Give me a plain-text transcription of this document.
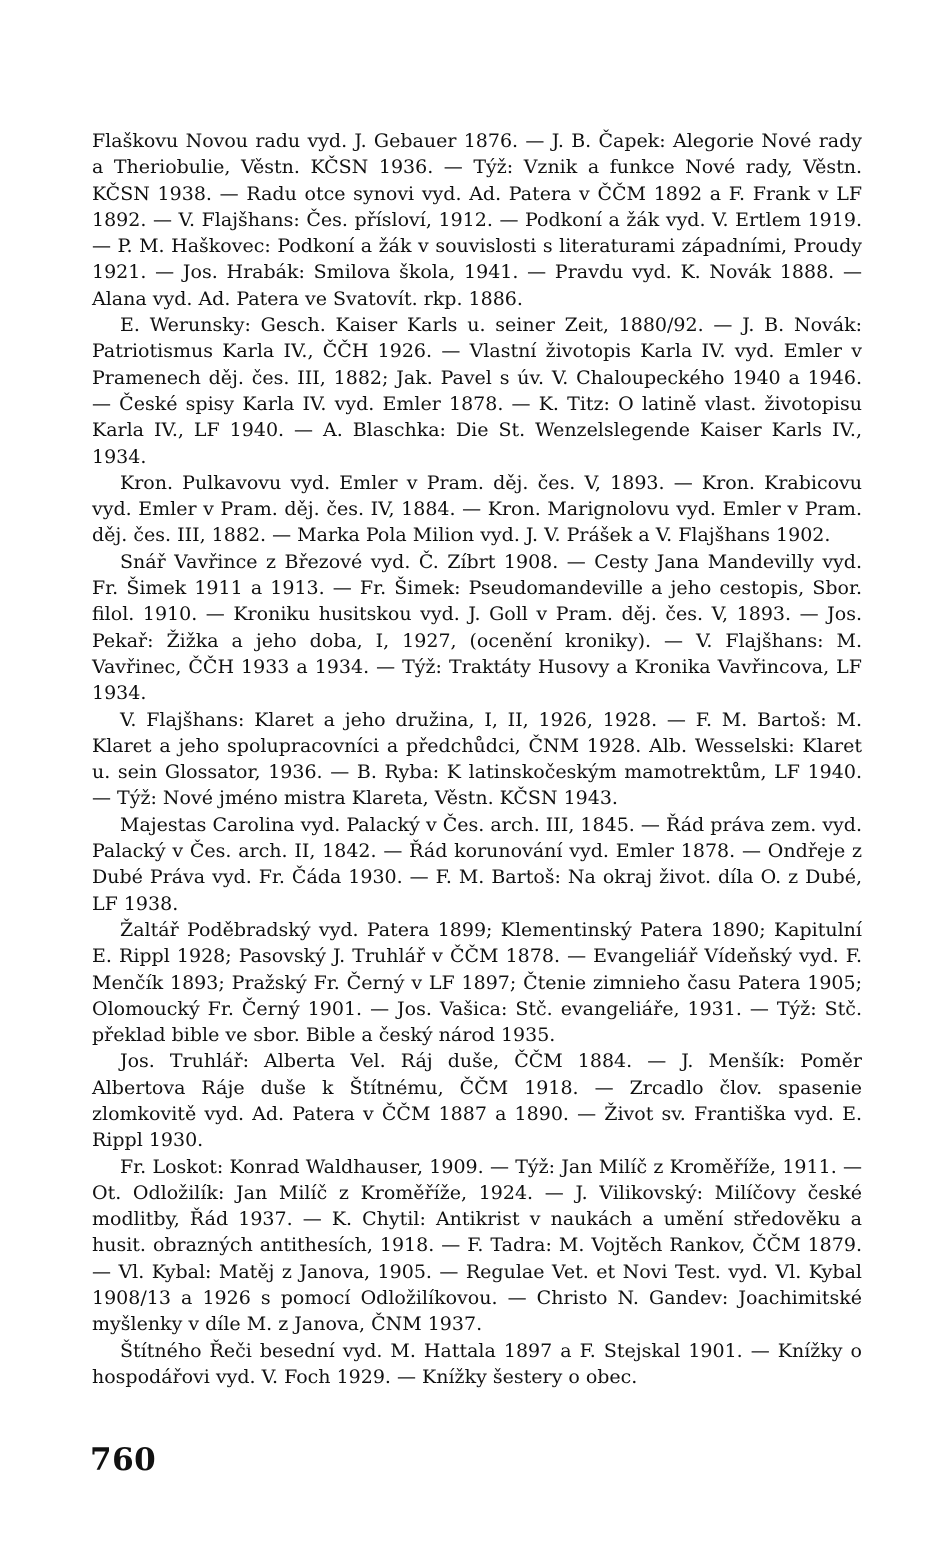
Flaškovu Novou radu vyd. J. Gebauer 1876. — J. B. Čapek: Alegorie Nové rady a Theriobulie, Věstn. KČSN 1936. — Týž: Vznik a funkce Nové rady, Věstn. KČSN 1938. — Radu otce synovi vyd. Ad. Patera v ČČM 1892 a F. Frank v LF 1892. — V. Flajšhans: Čes. přísloví, 1912. — Podkoní a žák vyd. V. Ertlem 1919. — P. M. Haškovec: Podkoní a žák v souvislosti s literaturami západními, Proudy 1921. — Jos. Hrabák: Smilova škola, 1941. — Pravdu vyd. K. Novák 1888. — Alana vyd. Ad. Patera ve Svatovít. rkp. 1886.

E. Werunsky: Gesch. Kaiser Karls u. seiner Zeit, 1880/92. — J. B. Novák: Patriotismus Karla IV., ČČH 1926. — Vlastní životopis Karla IV. vyd. Emler v Pramenech děj. čes. III, 1882; Jak. Pavel s úv. V. Chaloupeckého 1940 a 1946. — České spisy Karla IV. vyd. Emler 1878. — K. Titz: O latině vlast. životopisu Karla IV., LF 1940. — A. Blaschka: Die St. Wenzelslegende Kaiser Karls IV., 1934.

Kron. Pulkavovu vyd. Emler v Pram. děj. čes. V, 1893. — Kron. Krabicovu vyd. Emler v Pram. děj. čes. IV, 1884. — Kron. Marignolovu vyd. Emler v Pram. děj. čes. III, 1882. — Marka Pola Milion vyd. J. V. Prášek a V. Flajšhans 1902.

Snář Vavřince z Březové vyd. Č. Zíbrt 1908. — Cesty Jana Mandevilly vyd. Fr. Šimek 1911 a 1913. — Fr. Šimek: Pseudomandeville a jeho cestopis, Sbor. filol. 1910. — Kroniku husitskou vyd. J. Goll v Pram. děj. čes. V, 1893. — Jos. Pekař: Žižka a jeho doba, I, 1927, (ocenění kroniky). — V. Flajšhans: M. Vavřinec, ČČH 1933 a 1934. — Týž: Traktáty Husovy a Kronika Vavřincova, LF 1934.

V. Flajšhans: Klaret a jeho družina, I, II, 1926, 1928. — F. M. Bartoš: M. Klaret a jeho spolupracovníci a předchůdci, ČNM 1928. Alb. Wesselski: Klaret u. sein Glossator, 1936. — B. Ryba: K latinskočeským mamotrektům, LF 1940. — Týž: Nové jméno mistra Klareta, Věstn. KČSN 1943.

Majestas Carolina vyd. Palacký v Čes. arch. III, 1845. — Řád práva zem. vyd. Palacký v Čes. arch. II, 1842. — Řád korunování vyd. Emler 1878. — Ondřeje z Dubé Práva vyd. Fr. Čáda 1930. — F. M. Bartoš: Na okraj život. díla O. z Dubé, LF 1938.

Žaltář Poděbradský vyd. Patera 1899; Klementinský Patera 1890; Kapitulní E. Rippl 1928; Pasovský J. Truhlář v ČČM 1878. — Evangeliář Vídeňský vyd. F. Menčík 1893; Pražský Fr. Černý v LF 1897; Čtenie zimnieho času Patera 1905; Olomoucký Fr. Černý 1901. — Jos. Vašica: Stč. evangeliáře, 1931. — Týž: Stč. překlad bible ve sbor. Bible a český národ 1935.

Jos. Truhlář: Alberta Vel. Ráj duše, ČČM 1884. — J. Menšík: Poměr Albertova Ráje duše k Štítnému, ČČM 1918. — Zrcadlo člov. spasenie zlomkovitě vyd. Ad. Patera v ČČM 1887 a 1890. — Život sv. Františka vyd. E. Rippl 1930.

Fr. Loskot: Konrad Waldhauser, 1909. — Týž: Jan Milíč z Kroměříže, 1911. — Ot. Odložilík: Jan Milíč z Kroměříže, 1924. — J. Vilikovský: Milíčovy české modlitby, Řád 1937. — K. Chytil: Antikrist v naukách a umění středověku a husit. obrazných antithesích, 1918. — F. Tadra: M. Vojtěch Rankov, ČČM 1879. — Vl. Kybal: Matěj z Janova, 1905. — Regulae Vet. et Novi Test. vyd. Vl. Kybal 1908/13 a 1926 s pomocí Odložilíkovou. — Christo N. Gandev: Joachimitské myšlenky v díle M. z Janova, ČNM 1937.

Štítného Řeči besední vyd. M. Hattala 1897 a F. Stejskal 1901. — Knížky o hospodářovi vyd. V. Foch 1929. — Knížky šestery o obec.

760
